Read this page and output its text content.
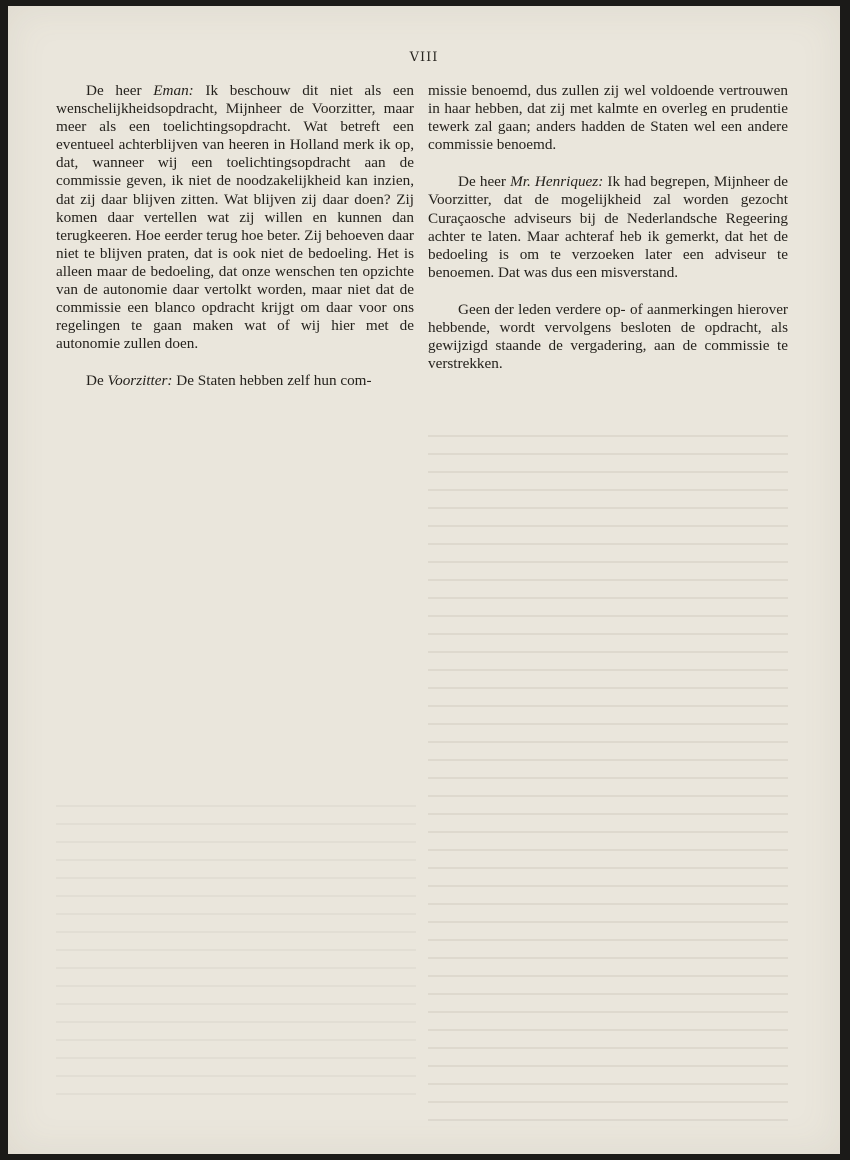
VIII

De heer Eman: Ik beschouw dit niet als een wenschelijkheidsopdracht, Mijnheer de Voorzitter, maar meer als een toelichtingsopdracht. Wat betreft een eventueel achterblijven van heeren in Holland merk ik op, dat, wanneer wij een toelichtingsopdracht aan de commissie geven, ik niet de noodzakelijkheid kan inzien, dat zij daar blijven zitten. Wat blijven zij daar doen? Zij komen daar vertellen wat zij willen en kunnen dan terugkeeren. Hoe eerder terug hoe beter. Zij behoeven daar niet te blijven praten, dat is ook niet de bedoeling. Het is alleen maar de bedoeling, dat onze wenschen ten opzichte van de autonomie daar vertolkt worden, maar niet dat de commissie een blanco opdracht krijgt om daar voor ons regelingen te gaan maken wat of wij hier met de autonomie zullen doen.

De Voorzitter: De Staten hebben zelf hun com-

missie benoemd, dus zullen zij wel voldoende vertrouwen in haar hebben, dat zij met kalmte en overleg en prudentie tewerk zal gaan; anders hadden de Staten wel een andere commissie benoemd.

De heer Mr. Henriquez: Ik had begrepen, Mijnheer de Voorzitter, dat de mogelijkheid zal worden gezocht Curaçaosche adviseurs bij de Nederlandsche Regeering achter te laten. Maar achteraf heb ik gemerkt, dat het de bedoeling is om te verzoeken later een adviseur te benoemen. Dat was dus een misverstand.

Geen der leden verdere op- of aanmerkingen hierover hebbende, wordt vervolgens besloten de opdracht, als gewijzigd staande de vergadering, aan de commissie te verstrekken.
